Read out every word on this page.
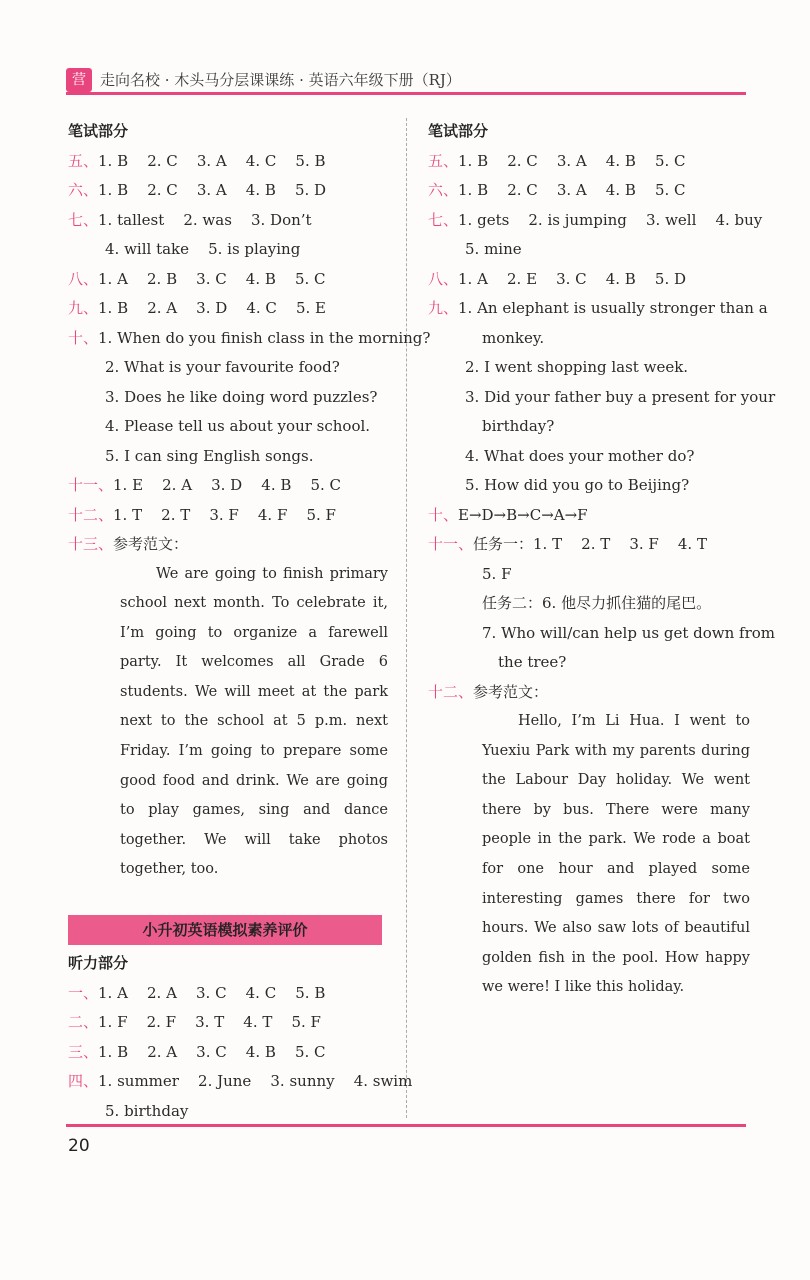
营 走向名校 · 木头马分层课课练 · 英语六年级下册（RJ）
笔试部分
五、1. B    2. C    3. A    4. C    5. B
六、1. B    2. C    3. A    4. B    5. D
七、1. tallest    2. was    3. Don’t
4. will take    5. is playing
八、1. A    2. B    3. C    4. B    5. C
九、1. B    2. A    3. D    4. C    5. E
十、1. When do you finish class in the morning?
2. What is your favourite food?
3. Does he like doing word puzzles?
4. Please tell us about your school.
5. I can sing English songs.
十一、1. E    2. A    3. D    4. B    5. C
十二、1. T    2. T    3. F    4. F    5. F
十三、参考范文：
We are going to finish primary school next month. To celebrate it, I’m going to organize a farewell party. It welcomes all Grade 6 students. We will meet at the park next to the school at 5 p.m. next Friday. I’m going to prepare some good food and drink. We are going to play games, sing and dance together. We will take photos together, too.
小升初英语模拟素养评价
听力部分
一、1. A    2. A    3. C    4. C    5. B
二、1. F    2. F    3. T    4. T    5. F
三、1. B    2. A    3. C    4. B    5. C
四、1. summer    2. June    3. sunny    4. swim
5. birthday
笔试部分
五、1. B    2. C    3. A    4. B    5. C
六、1. B    2. C    3. A    4. B    5. C
七、1. gets    2. is jumping    3. well    4. buy
5. mine
八、1. A    2. E    3. C    4. B    5. D
九、1. An elephant is usually stronger than a
monkey.
2. I went shopping last week.
3. Did your father buy a present for your
birthday?
4. What does your mother do?
5. How did you go to Beijing?
十、E→D→B→C→A→F
十一、任务一：1. T    2. T    3. F    4. T
5. F
任务二：6. 他尽力抓住猫的尾巴。
7. Who will/can help us get down from
the tree?
十二、参考范文：
Hello, I’m Li Hua. I went to Yuexiu Park with my parents during the Labour Day holiday. We went there by bus. There were many people in the park. We rode a boat for one hour and played some interesting games there for two hours. We also saw lots of beautiful golden fish in the pool. How happy we were! I like this holiday.
20
